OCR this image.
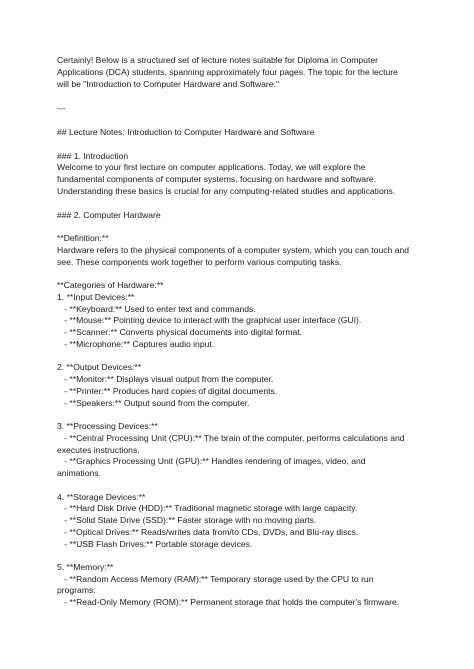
Certainly! Below is a structured set of lecture notes suitable for Diploma in Computer

Applications (DCA) students, spanning approximately four pages. The topic for the lecture

will be "Introduction to Computer Hardware and Software."

---

## Lecture Notes: Introduction to Computer Hardware and Software

### 1. Introduction

Welcome to your first lecture on computer applications. Today, we will explore the

fundamental components of computer systems, focusing on hardware and software.

Understanding these basics is crucial for any computing-related studies and applications.

### 2. Computer Hardware

**Definition:**

Hardware refers to the physical components of a computer system, which you can touch and

see. These components work together to perform various computing tasks.

**Categories of Hardware:**

1. **Input Devices:**

- **Keyboard:** Used to enter text and commands.

- **Mouse:** Pointing device to interact with the graphical user interface (GUI).

- **Scanner:** Converts physical documents into digital format.

- **Microphone:** Captures audio input.

2. **Output Devices:**

- **Monitor:** Displays visual output from the computer.

- **Printer:** Produces hard copies of digital documents.

- **Speakers:** Output sound from the computer.

3. **Processing Devices:**

- **Central Processing Unit (CPU):** The brain of the computer, performs calculations and

executes instructions.

- **Graphics Processing Unit (GPU):** Handles rendering of images, video, and

animations.

4. **Storage Devices:**

- **Hard Disk Drive (HDD):** Traditional magnetic storage with large capacity.

- **Solid State Drive (SSD):** Faster storage with no moving parts.

- **Optical Drives:** Reads/writes data from/to CDs, DVDs, and Blu-ray discs.

- **USB Flash Drives:** Portable storage devices.

5. **Memory:**

- **Random Access Memory (RAM):** Temporary storage used by the CPU to run

programs.

- **Read-Only Memory (ROM):** Permanent storage that holds the computer's firmware.
